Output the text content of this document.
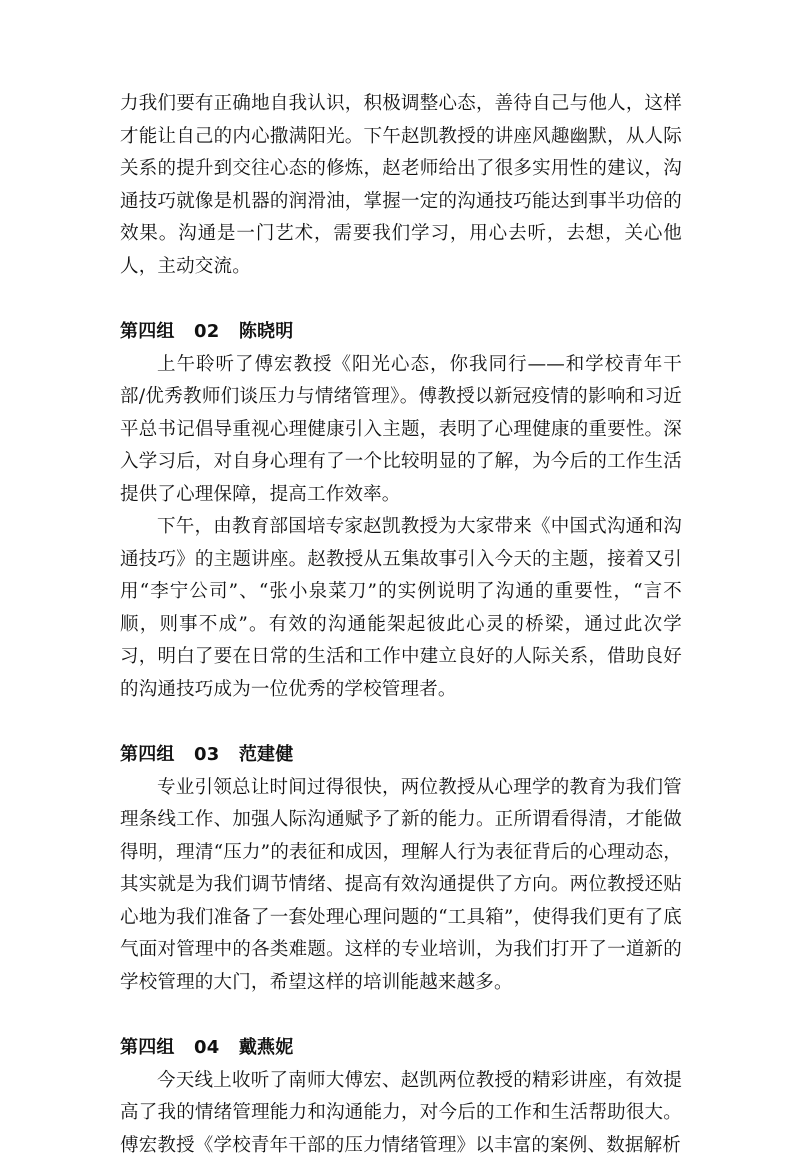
力我们要有正确地自我认识，积极调整心态，善待自己与他人，这样才能让自己的内心撒满阳光。下午赵凯教授的讲座风趣幽默，从人际关系的提升到交往心态的修炼，赵老师给出了很多实用性的建议，沟通技巧就像是机器的润滑油，掌握一定的沟通技巧能达到事半功倍的效果。沟通是一门艺术，需要我们学习，用心去听，去想，关心他人，主动交流。

第四组   02   陈晓明

上午聆听了傅宏教授《阳光心态，你我同行——和学校青年干部/优秀教师们谈压力与情绪管理》。傅教授以新冠疫情的影响和习近平总书记倡导重视心理健康引入主题，表明了心理健康的重要性。深入学习后，对自身心理有了一个比较明显的了解，为今后的工作生活提供了心理保障，提高工作效率。

下午，由教育部国培专家赵凯教授为大家带来《中国式沟通和沟通技巧》的主题讲座。赵教授从五集故事引入今天的主题，接着又引用“李宁公司”、“张小泉菜刀”的实例说明了沟通的重要性，“言不顺，则事不成”。有效的沟通能架起彼此心灵的桥梁，通过此次学习，明白了要在日常的生活和工作中建立良好的人际关系，借助良好的沟通技巧成为一位优秀的学校管理者。

第四组   03   范建健

专业引领总让时间过得很快，两位教授从心理学的教育为我们管理条线工作、加强人际沟通赋予了新的能力。正所谓看得清，才能做得明，理清“压力”的表征和成因，理解人行为表征背后的心理动态，其实就是为我们调节情绪、提高有效沟通提供了方向。两位教授还贴心地为我们准备了一套处理心理问题的“工具箱”，使得我们更有了底气面对管理中的各类难题。这样的专业培训，为我们打开了一道新的学校管理的大门，希望这样的培训能越来越多。

第四组   04   戴燕妮

今天线上收听了南师大傅宏、赵凯两位教授的精彩讲座，有效提高了我的情绪管理能力和沟通能力，对今后的工作和生活帮助很大。傅宏教授《学校青年干部的压力情绪管理》以丰富的案例、数据解析
